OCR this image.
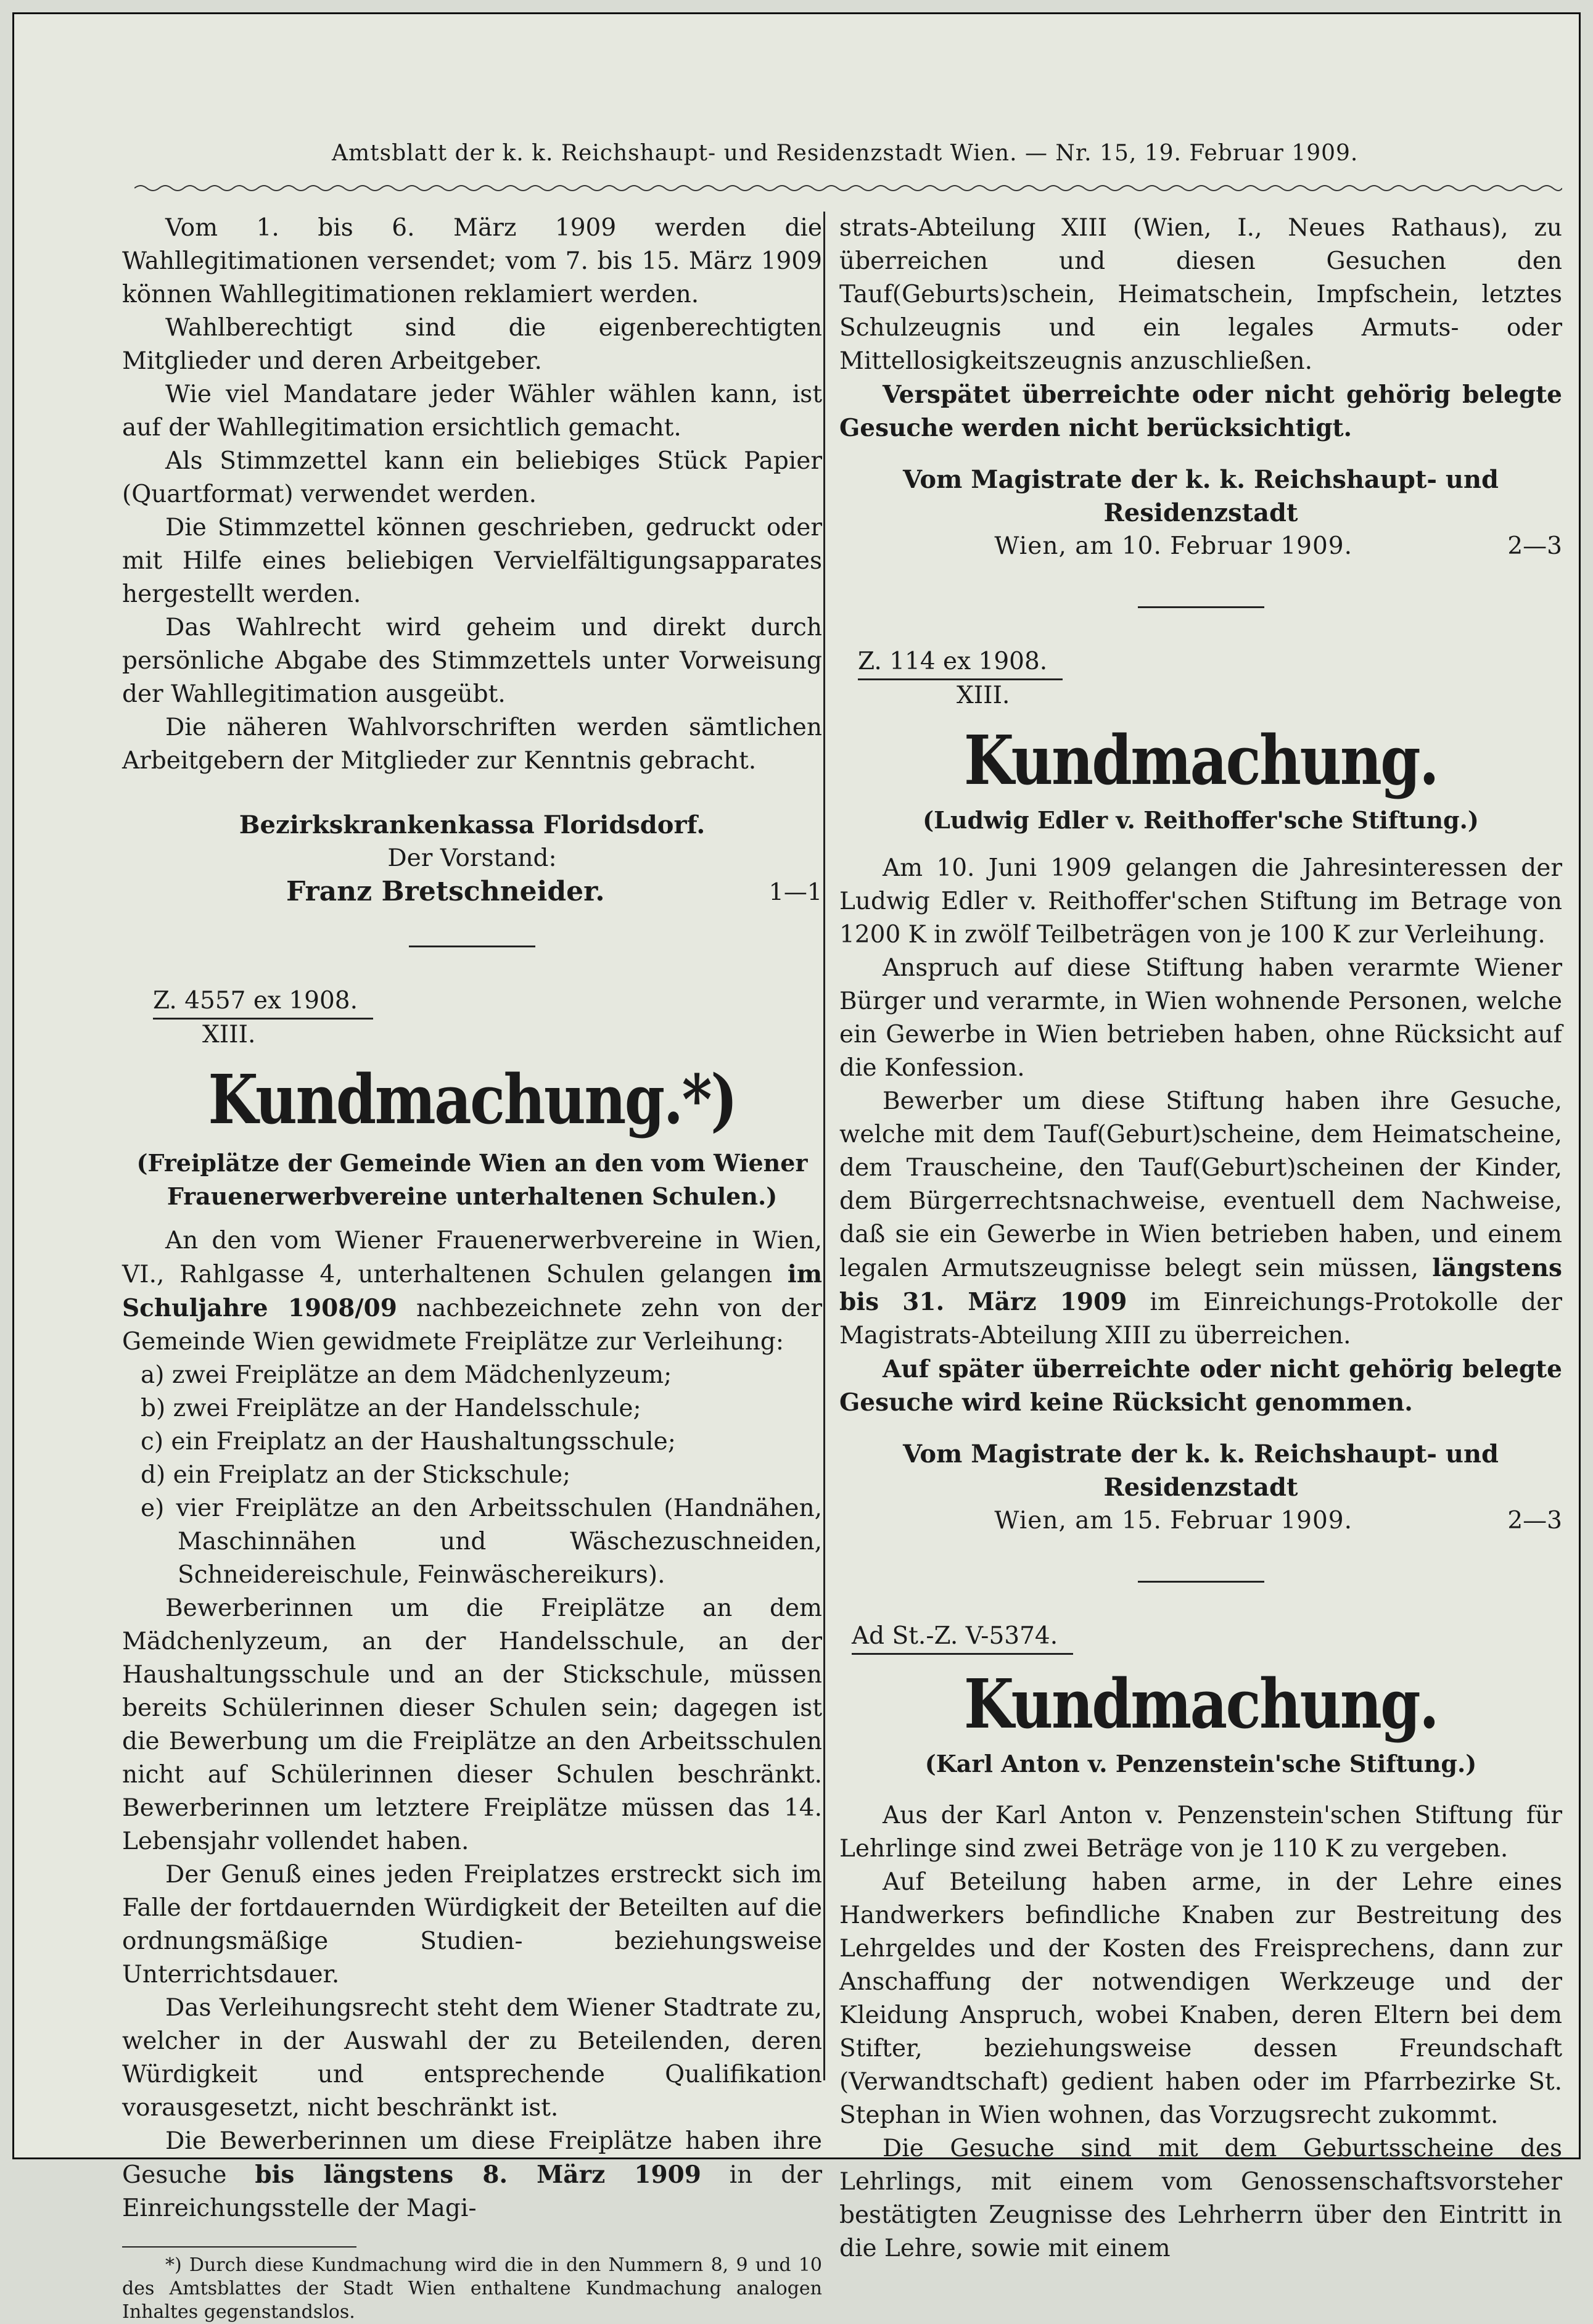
Amtsblatt der k. k. Reichshaupt- und Residenzstadt Wien. — Nr. 15, 19. Februar 1909.

Vom 1. bis 6. März 1909 werden die Wahllegitimationen versendet; vom 7. bis 15. März 1909 können Wahllegitimationen reklamiert werden.

Wahlberechtigt sind die eigenberechtigten Mitglieder und deren Arbeitgeber.

Wie viel Mandatare jeder Wähler wählen kann, ist auf der Wahllegitimation ersichtlich gemacht.

Als Stimmzettel kann ein beliebiges Stück Papier (Quartformat) verwendet werden.

Die Stimmzettel können geschrieben, gedruckt oder mit Hilfe eines beliebigen Vervielfältigungsapparates hergestellt werden.

Das Wahlrecht wird geheim und direkt durch persönliche Abgabe des Stimmzettels unter Vorweisung der Wahllegitimation ausgeübt.

Die näheren Wahlvorschriften werden sämtlichen Arbeitgebern der Mitglieder zur Kenntnis gebracht.

Bezirkskrankenkassa Floridsdorf.

Der Vorstand:

Franz Bretschneider.	1—1

Z. 4557 ex 1908.
XIII.
Kundmachung.*)

(Freiplätze der Gemeinde Wien an den vom Wiener Frauenerwerbvereine unterhaltenen Schulen.)

An den vom Wiener Frauenerwerbvereine in Wien, VI., Rahlgasse 4, unterhaltenen Schulen gelangen im Schuljahre 1908/09 nachbezeichnete zehn von der Gemeinde Wien gewidmete Freiplätze zur Verleihung:

a) zwei Freiplätze an dem Mädchenlyzeum;

b) zwei Freiplätze an der Handelsschule;

c) ein Freiplatz an der Haushaltungsschule;

d) ein Freiplatz an der Stickschule;

e) vier Freiplätze an den Arbeitsschulen (Handnähen, Maschinnähen und Wäschezuschneiden, Schneidereischule, Feinwäschereikurs).

Bewerberinnen um die Freiplätze an dem Mädchenlyzeum, an der Handelsschule, an der Haushaltungsschule und an der Stickschule, müssen bereits Schülerinnen dieser Schulen sein; dagegen ist die Bewerbung um die Freiplätze an den Arbeitsschulen nicht auf Schülerinnen dieser Schulen beschränkt. Bewerberinnen um letztere Freiplätze müssen das 14. Lebensjahr vollendet haben.

Der Genuß eines jeden Freiplatzes erstreckt sich im Falle der fortdauernden Würdigkeit der Beteilten auf die ordnungsmäßige Studien- beziehungsweise Unterrichtsdauer.

Das Verleihungsrecht steht dem Wiener Stadtrate zu, welcher in der Auswahl der zu Beteilenden, deren Würdigkeit und entsprechende Qualifikation vorausgesetzt, nicht beschränkt ist.

Die Bewerberinnen um diese Freiplätze haben ihre Gesuche bis längstens 8. März 1909 in der Einreichungsstelle der Magi-

*) Durch diese Kundmachung wird die in den Nummern 8, 9 und 10 des Amtsblattes der Stadt Wien enthaltene Kundmachung analogen Inhaltes gegenstandslos.

strats-Abteilung XIII (Wien, I., Neues Rathaus), zu überreichen und diesen Gesuchen den Tauf(Geburts)schein, Heimatschein, Impfschein, letztes Schulzeugnis und ein legales Armuts- oder Mittellosigkeitszeugnis anzuschließen.

Verspätet überreichte oder nicht gehörig belegte Gesuche werden nicht berücksichtigt.

Vom Magistrate der k. k. Reichshaupt- und Residenzstadt

Wien, am 10. Februar 1909.	2—3

Z. 114 ex 1908.
XIII.
Kundmachung.

(Ludwig Edler v. Reithoffer'sche Stiftung.)

Am 10. Juni 1909 gelangen die Jahresinteressen der Ludwig Edler v. Reithoffer'schen Stiftung im Betrage von 1200 K in zwölf Teilbeträgen von je 100 K zur Verleihung.

Anspruch auf diese Stiftung haben verarmte Wiener Bürger und verarmte, in Wien wohnende Personen, welche ein Gewerbe in Wien betrieben haben, ohne Rücksicht auf die Konfession.

Bewerber um diese Stiftung haben ihre Gesuche, welche mit dem Tauf(Geburt)scheine, dem Heimatscheine, dem Trauscheine, den Tauf(Geburt)scheinen der Kinder, dem Bürgerrechtsnachweise, eventuell dem Nachweise, daß sie ein Gewerbe in Wien betrieben haben, und einem legalen Armutszeugnisse belegt sein müssen, längstens bis 31. März 1909 im Einreichungs-Protokolle der Magistrats-Abteilung XIII zu überreichen.

Auf später überreichte oder nicht gehörig belegte Gesuche wird keine Rücksicht genommen.

Vom Magistrate der k. k. Reichshaupt- und Residenzstadt

Wien, am 15. Februar 1909.	2—3

Ad St.-Z. V-5374.
Kundmachung.

(Karl Anton v. Penzenstein'sche Stiftung.)

Aus der Karl Anton v. Penzenstein'schen Stiftung für Lehrlinge sind zwei Beträge von je 110 K zu vergeben.

Auf Beteilung haben arme, in der Lehre eines Handwerkers befindliche Knaben zur Bestreitung des Lehrgeldes und der Kosten des Freisprechens, dann zur Anschaffung der notwendigen Werkzeuge und der Kleidung Anspruch, wobei Knaben, deren Eltern bei dem Stifter, beziehungsweise dessen Freundschaft (Verwandtschaft) gedient haben oder im Pfarrbezirke St. Stephan in Wien wohnen, das Vorzugsrecht zukommt.

Die Gesuche sind mit dem Geburtsscheine des Lehrlings, mit einem vom Genossenschaftsvorsteher bestätigten Zeugnisse des Lehrherrn über den Eintritt in die Lehre, sowie mit einem
